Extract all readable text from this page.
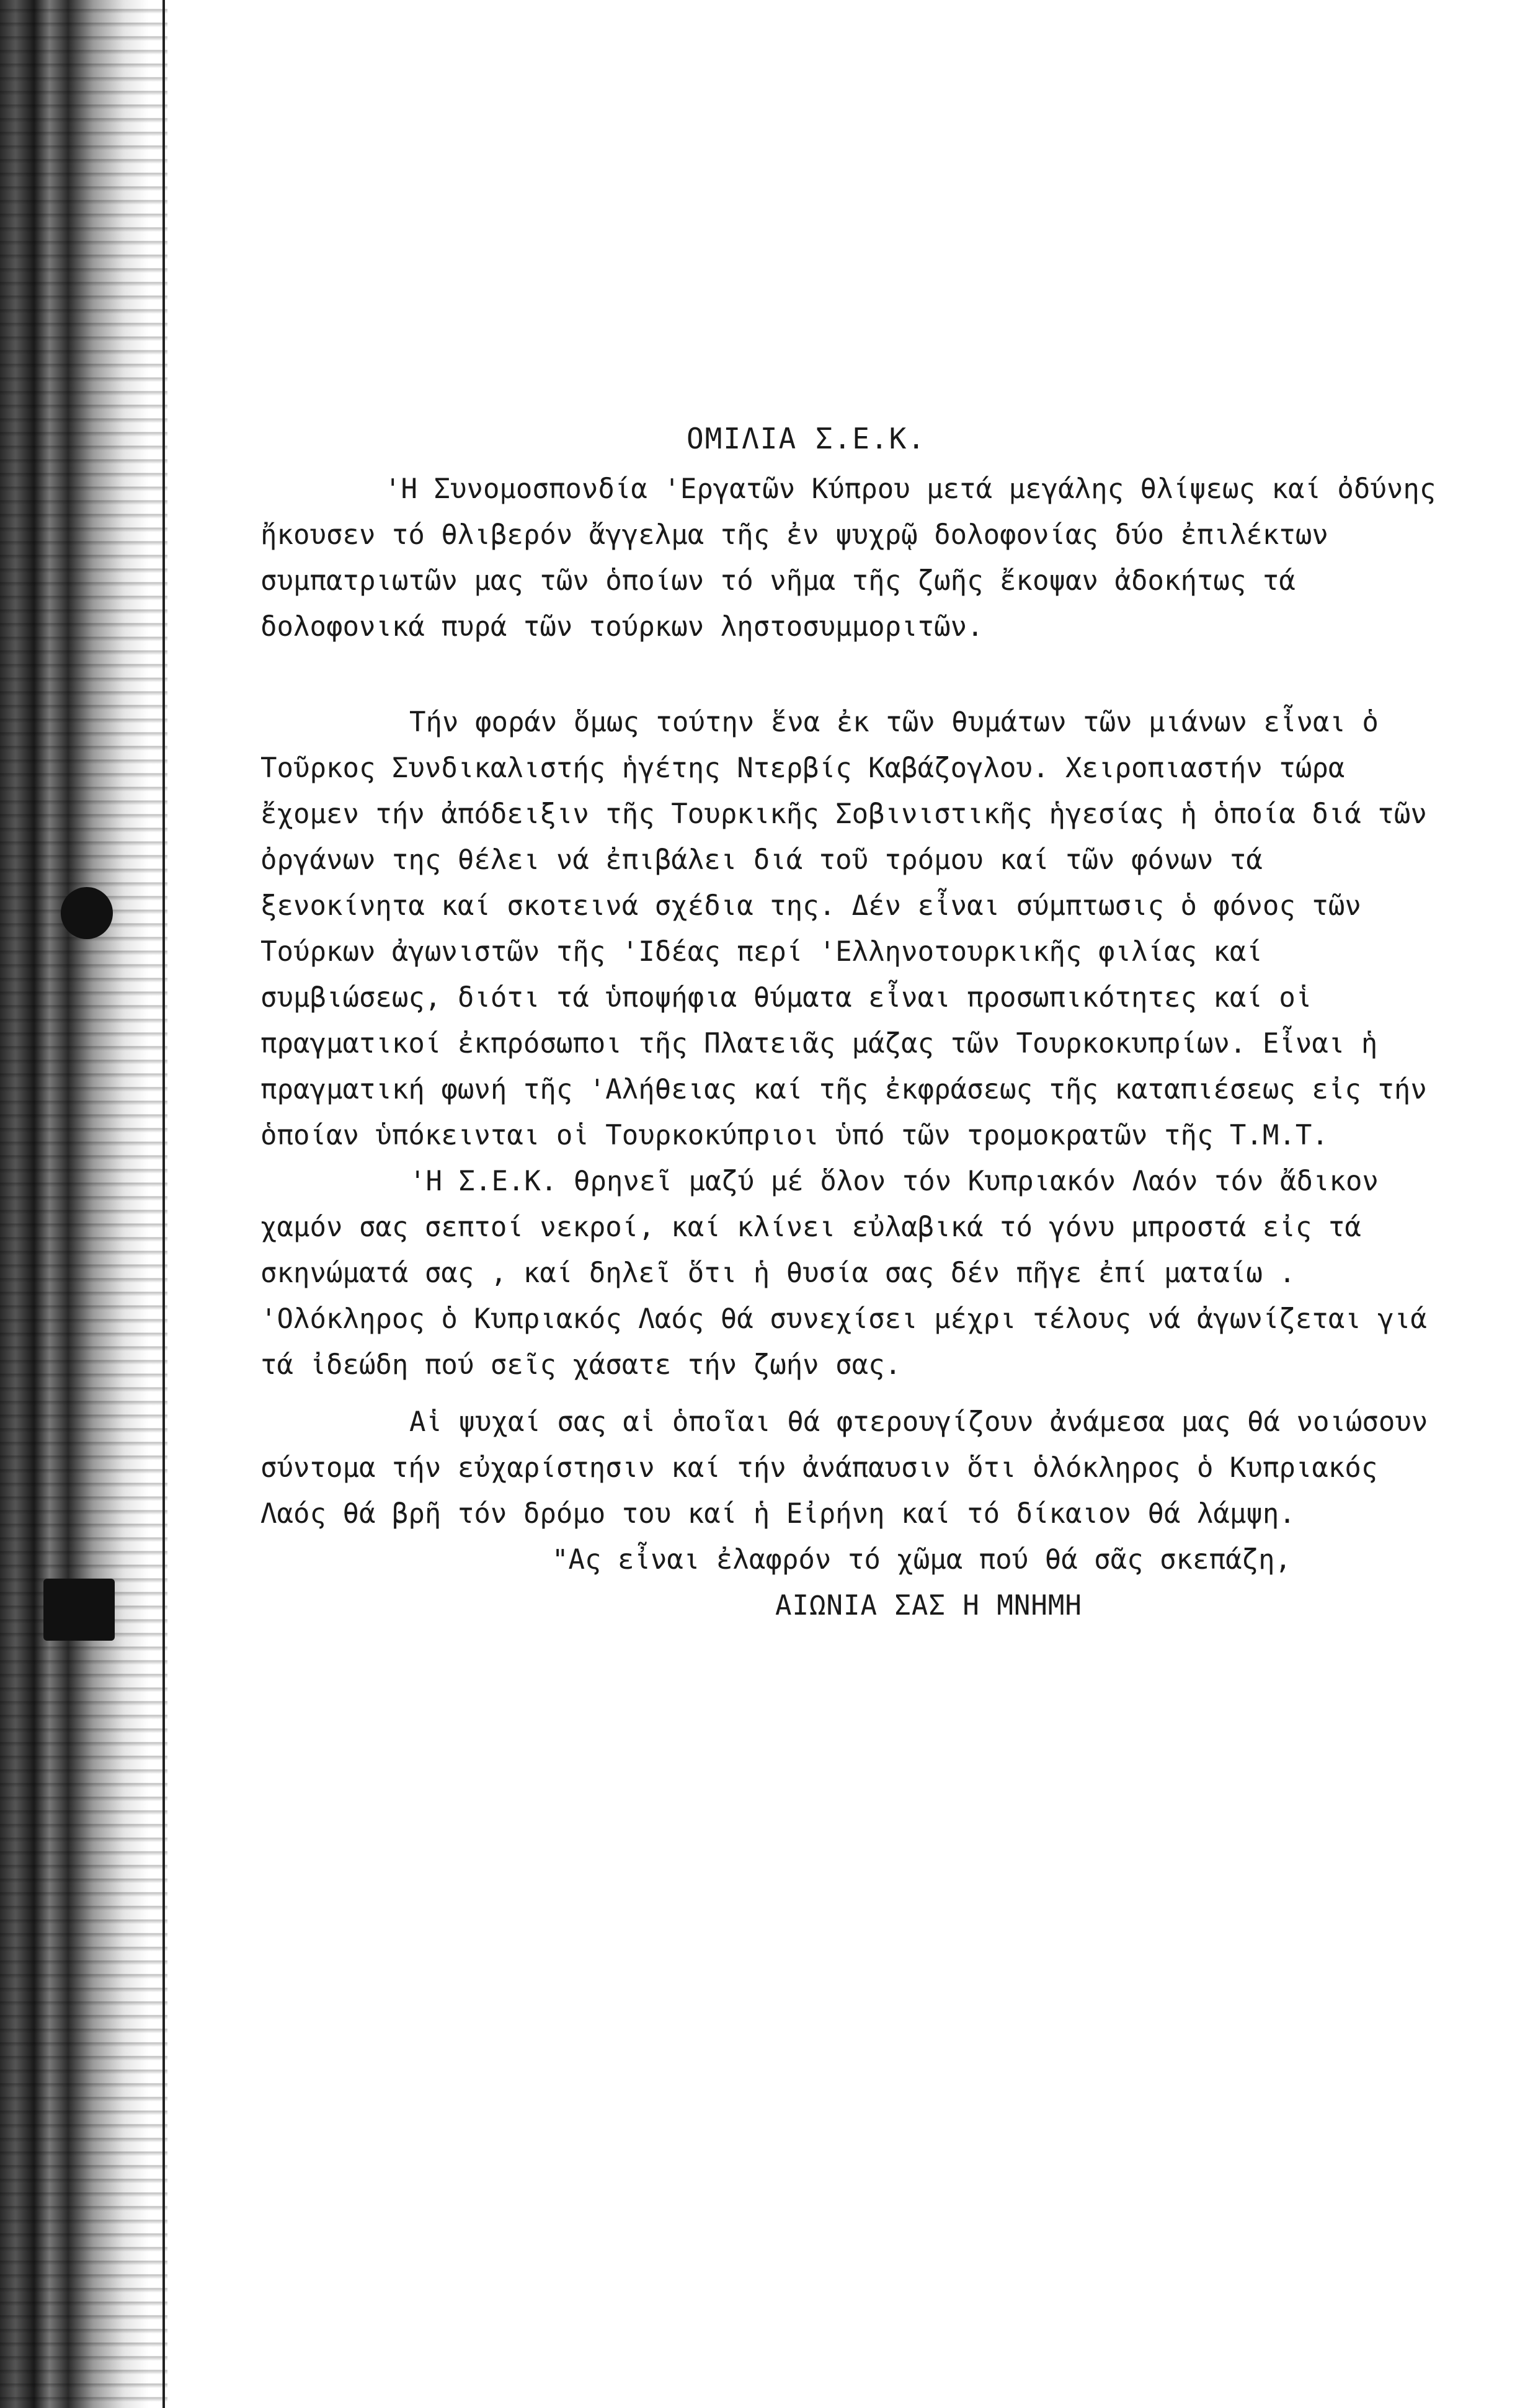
ΟΜΙΛΙΑ Σ.Ε.Κ.

'Η Συνομοσπονδία 'Εργατῶν Κύπρου μετά μεγάλης θλίψεως καί ὀδύνης ἤκουσεν τό θλιβερόν ἄγγελμα τῆς ἐν ψυχρῷ δολοφονίας δύο ἐπιλέκτων συμπατριωτῶν μας τῶν ὁποίων τό νῆμα τῆς ζωῆς ἔκοψαν ἀδοκήτως τά δολοφονικά πυρά τῶν τούρκων ληστοσυμμοριτῶν.

Τήν φοράν ὅμως τούτην ἕνα ἐκ τῶν θυμάτων τῶν μιάνων εἶναι ὁ Τοῦρκος Συνδικαλιστής ἡγέτης Ντερβίς Καβάζογλου. Χειροπιαστήν τώρα ἔχομεν τήν ἀπόδειξιν τῆς Τουρκικῆς Σοβινιστικῆς ἡγεσίας ἡ ὁποία διά τῶν ὀργάνων της θέλει νά ἐπιβάλει διά τοῦ τρόμου καί τῶν φόνων τά ξενοκίνητα καί σκοτεινά σχέδια της. Δέν εἶναι σύμπτωσις ὁ φόνος τῶν Τούρκων ἀγωνιστῶν τῆς 'Ιδέας περί 'Ελληνοτουρκικῆς φιλίας καί συμβιώσεως, διότι τά ὑποψήφια θύματα εἶναι προσωπικότητες καί οἱ πραγματικοί ἐκπρόσωποι τῆς Πλατειᾶς μάζας τῶν Τουρκοκυπρίων. Εἶναι ἡ πραγματική φωνή τῆς 'Αλήθειας καί τῆς ἐκφράσεως τῆς καταπιέσεως εἰς τήν ὁποίαν ὑπόκεινται οἱ Τουρκοκύπριοι ὑπό τῶν τρομοκρατῶν τῆς Τ.Μ.Τ.

'Η Σ.Ε.Κ. θρηνεῖ μαζύ μέ ὅλον τόν Κυπριακόν Λαόν τόν ἄδικον χαμόν σας σεπτοί νεκροί, καί κλίνει εὐλαβικά τό γόνυ μπροστά εἰς τά σκηνώματά σας , καί δηλεῖ ὅτι ἡ θυσία σας δέν πῆγε ἐπί ματαίω . 'Ολόκληρος ὁ Κυπριακός Λαός θά συνεχίσει μέχρι τέλους νά ἀγωνίζεται γιά τά ἰδεώδη πού σεῖς χάσατε τήν ζωήν σας.

Αἱ ψυχαί σας αἱ ὁποῖαι θά φτερουγίζουν ἀνάμεσα μας θά νοιώσουν σύντομα τήν εὐχαρίστησιν καί τήν ἀνάπαυσιν ὅτι ὁλόκληρος ὁ Κυπριακός Λαός θά βρῆ τόν δρόμο του καί ἡ Εἰρήνη καί τό δίκαιον θά λάμψη.

"Ας εἶναι ἐλαφρόν τό χῶμα πού θά σᾶς σκεπάζη,

ΑΙΩΝΙΑ ΣΑΣ Η ΜΝΗΜΗ
